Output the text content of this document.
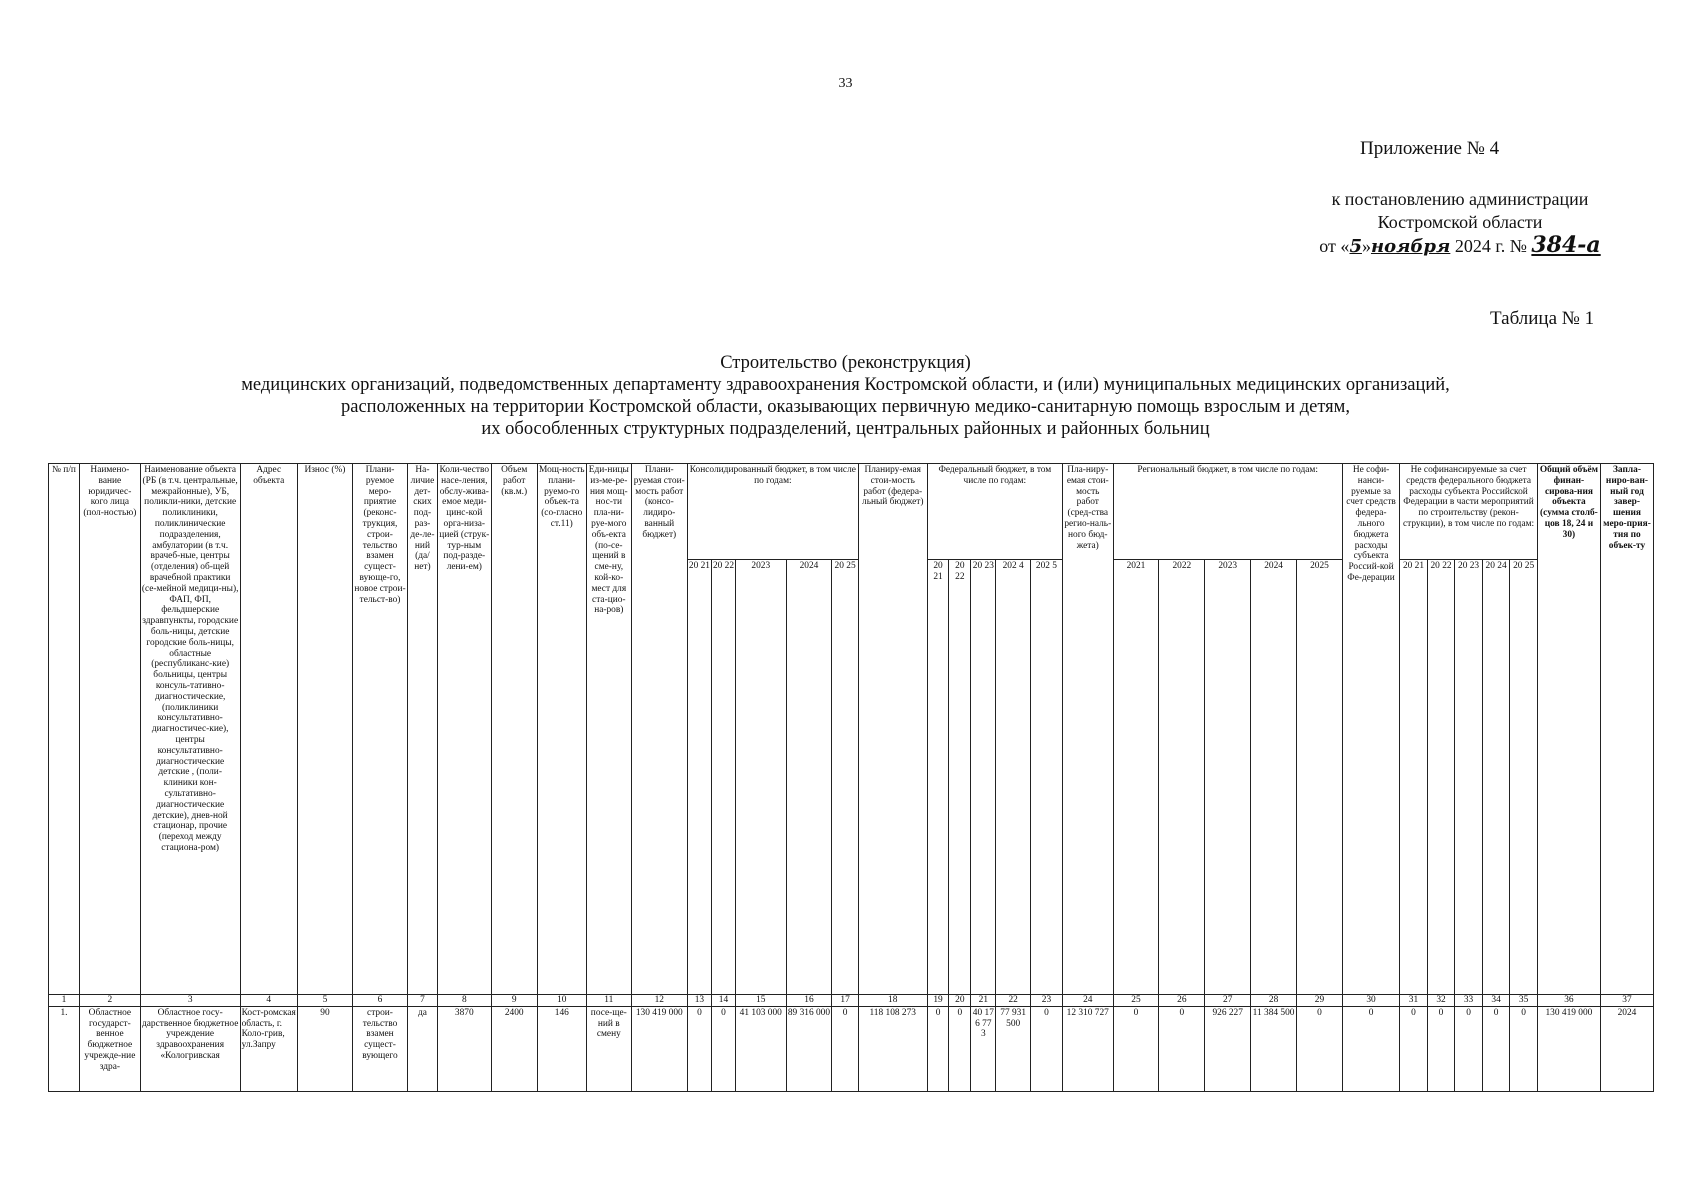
33
Приложение № 4
к постановлению администрации
Костромской области
от «5»ноября 2024 г. № 384-а
Таблица № 1
Строительство (реконструкция)
медицинских организаций, подведомственных департаменту здравоохранения Костромской области, и (или) муниципальных медицинских организаций,
расположенных на территории Костромской области, оказывающих первичную медико-санитарную помощь взрослым и детям,
их обособленных структурных подразделений, центральных районных и районных больниц
№ п/п	Наимено-вание юридичес-кого лица (пол-ностью)	Наименование объекта (РБ (в т.ч. центральные, межрайонные), УБ, поликли-ники, детские поликлиники, поликлинические подразделения, амбулатории (в т.ч. врачеб-ные, центры (отделения) об-щей врачебной практики (се-мейной медици-ны), ФАП, ФП, фельдшерские здравпункты, городские боль-ницы, детские городские боль-ницы, областные (республиканс-кие) больницы, центры консуль-тативно-диагностические, (поликлиники консультативно-диагностичес-кие), центры консультативно-диагностические детские , (поли-клиники кон-сультативно-диагностические детские), днев-ной стационар, прочие (переход между стациона-ром)	Адрес объекта	Износ (%)	Плани-руемое меро-приятие (реконс-трукция, строи-тельство взамен сущест-вующе-го, новое строи-тельст-во)	На-личие дет-ских под-раз-де-ле-ний (да/нет)	Коли-чество насе-ления, обслу-жива-емое меди-цинс-кой орга-низа-цией (струк-тур-ным под-разде-лени-ем)	Объем работ (кв.м.)	Мощ-ность плани-руемо-го объек-та (со-гласно ст.11)	Еди-ницы из-ме-ре-ния мощ-нос-ти пла-ни-руе-мого объ-екта (по-се-щений в сме-ну, кой-ко-мест для ста-цио-на-ров)	Плани-руемая стои-мость работ (консо-лидиро-ванный бюджет)	Консолидированный бюджет, в том числе по годам:					Планиру-емая стои-мость работ (федера-льный бюджет)	Федеральный бюджет, в том числе по годам:					Пла-ниру-емая стои-мость работ (сред-ства регио-наль-ного бюд-жета)	Региональный бюджет, в том числе по годам:					Не софи-нанси-руемые за счет средств федера-льного бюджета расходы субъекта Россий-кой Фе-дерации	Не софинансируемые за счет средств федерального бюджета расходы субъекта Российской Федерации в части мероприятий по строительству (рекон-струкции), в том числе по годам:					Общий объём финан-сирова-ния объекта (сумма столб-цов 18, 24 и 30)	Запла-ниро-ван-ный год завер-шения меро-прия-тия по объек-ту
												20 21	20 22	2023	2024	20 25		20 21	20 22	20 23	202 4	202 5		2021	2022	2023	2024	2025		20 21	20 22	20 23	20 24	20 25		
1	2	3	4	5	6	7	8	9	10	11	12	13	14	15	16	17	18	19	20	21	22	23	24	25	26	27	28	29	30	31	32	33	34	35	36	37
1.	Областное государст-венное бюджетное учрежде-ние здра-	Областное госу-дарственное бюджетное учреждение здравоохранения «Кологривская	Кост-ромская область, г. Коло-грив, ул.Запру	90	строи-тельство взамен сущест-вующего	да	3870	2400	146	посе-ще-ний в смену	130 419 000	0	0	41 103 000	89 316 000	0	118 108 273	0	0	40 17 6 77 3	77 931 500	0	12 310 727	0	0	926 227	11 384 500	0	0	0	0	0	0	0	130 419 000	2024
